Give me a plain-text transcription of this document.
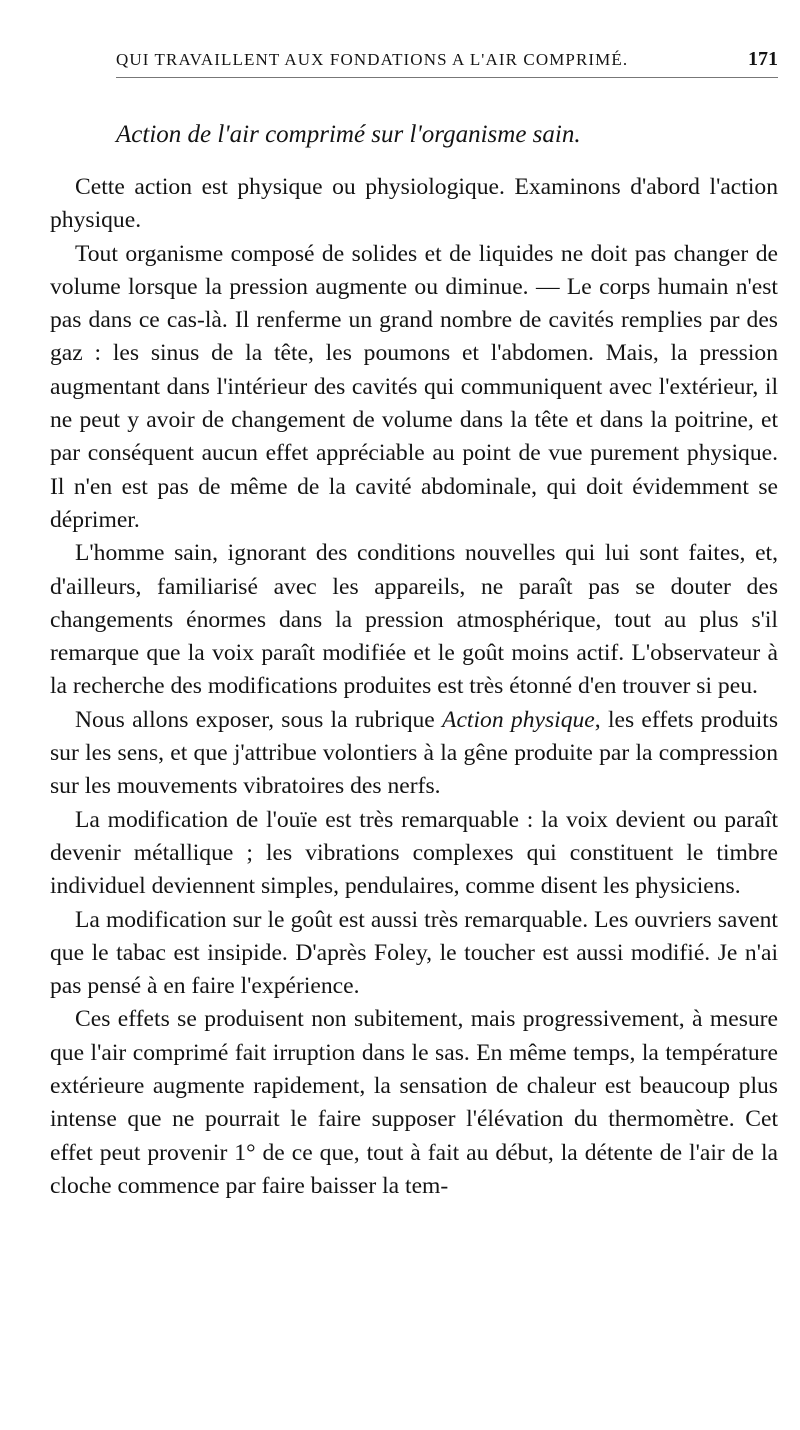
QUI TRAVAILLENT AUX FONDATIONS A L'AIR COMPRIMÉ.	171
Action de l'air comprimé sur l'organisme sain.

Cette action est physique ou physiologique. Examinons d'abord l'action physique.

Tout organisme composé de solides et de liquides ne doit pas changer de volume lorsque la pression augmente ou diminue. — Le corps humain n'est pas dans ce cas-là. Il renferme un grand nombre de cavités remplies par des gaz : les sinus de la tête, les poumons et l'abdomen. Mais, la pression augmentant dans l'intérieur des cavités qui communiquent avec l'extérieur, il ne peut y avoir de changement de volume dans la tête et dans la poitrine, et par conséquent aucun effet appréciable au point de vue purement physique. Il n'en est pas de même de la cavité abdominale, qui doit évidemment se déprimer.

L'homme sain, ignorant des conditions nouvelles qui lui sont faites, et, d'ailleurs, familiarisé avec les appareils, ne paraît pas se douter des changements énormes dans la pression atmosphérique, tout au plus s'il remarque que la voix paraît modifiée et le goût moins actif. L'observateur à la recherche des modifications produites est très étonné d'en trouver si peu.

Nous allons exposer, sous la rubrique Action physique, les effets produits sur les sens, et que j'attribue volontiers à la gêne produite par la compression sur les mouvements vibratoires des nerfs.

La modification de l'ouïe est très remarquable : la voix devient ou paraît devenir métallique ; les vibrations complexes qui constituent le timbre individuel deviennent simples, pendulaires, comme disent les physiciens.

La modification sur le goût est aussi très remarquable. Les ouvriers savent que le tabac est insipide. D'après Foley, le toucher est aussi modifié. Je n'ai pas pensé à en faire l'expérience.

Ces effets se produisent non subitement, mais progressivement, à mesure que l'air comprimé fait irruption dans le sas. En même temps, la température extérieure augmente rapidement, la sensation de chaleur est beaucoup plus intense que ne pourrait le faire supposer l'élévation du thermomètre. Cet effet peut provenir 1° de ce que, tout à fait au début, la détente de l'air de la cloche commence par faire baisser la tem-
